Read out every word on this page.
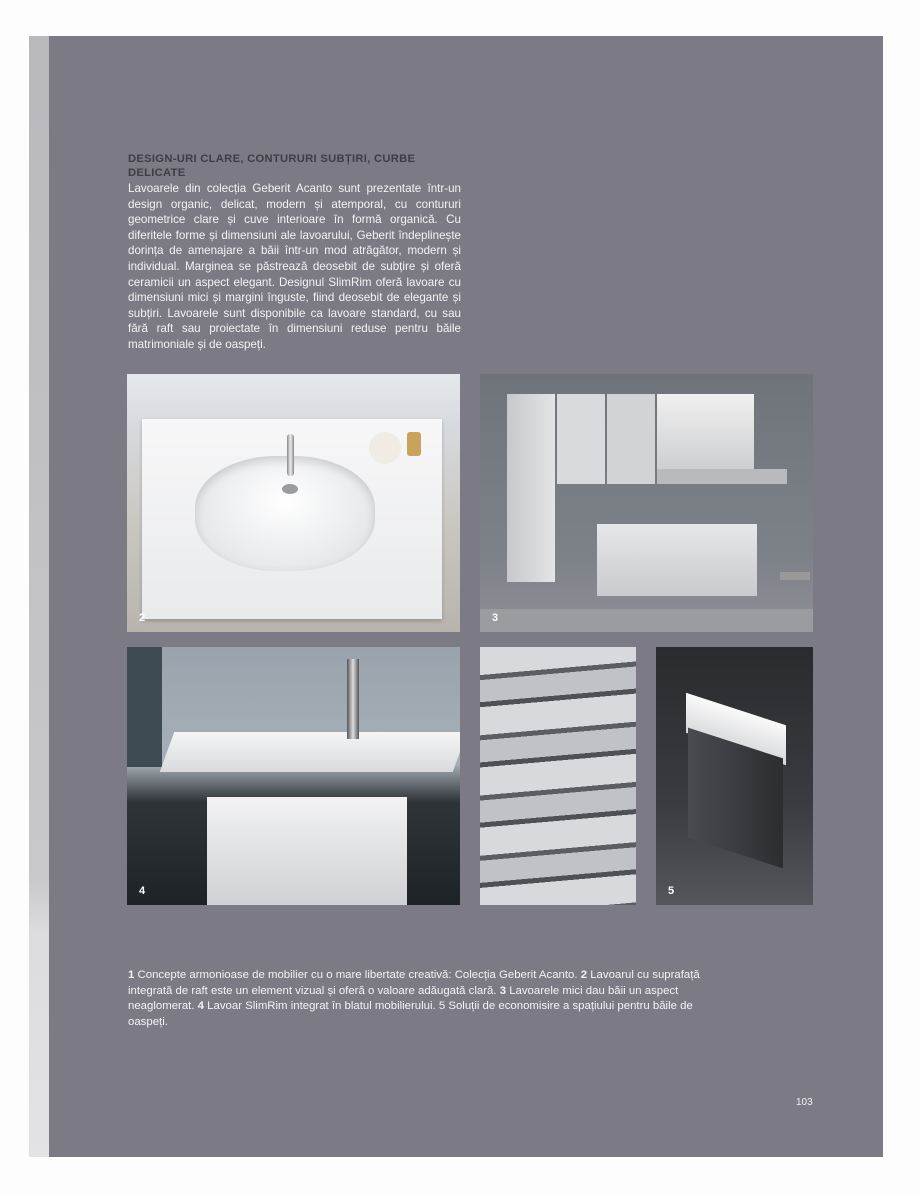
DESIGN-URI CLARE, CONTURURI SUBȚIRI, CURBE DELICATE
Lavoarele din colecția Geberit Acanto sunt prezentate într-un design organic, delicat, modern și atemporal, cu contururi geometrice clare și cuve interioare în formă organică. Cu diferitele forme și dimensiuni ale lavoarului, Geberit îndeplinește dorința de amenajare a băii într-un mod atrăgător, modern și individual. Marginea se păstrează deosebit de subțire și oferă ceramicii un aspect elegant. Designul SlimRim oferă lavoare cu dimensiuni mici și margini înguste, fiind deosebit de elegante și subțiri. Lavoarele sunt disponibile ca lavoare standard, cu sau fără raft sau proiectate în dimensiuni reduse pentru băile matrimoniale și de oaspeți.
2	3
4	5
1 Concepte armonioase de mobilier cu o mare libertate creativă: Colecția Geberit Acanto. 2 Lavoarul cu suprafață integrată de raft este un element vizual și oferă o valoare adăugată clară. 3 Lavoarele mici dau băii un aspect neaglomerat. 4 Lavoar SlimRim integrat în blatul mobilierului. 5 Soluții de economisire a spațiului pentru băile de oaspeți.
103
